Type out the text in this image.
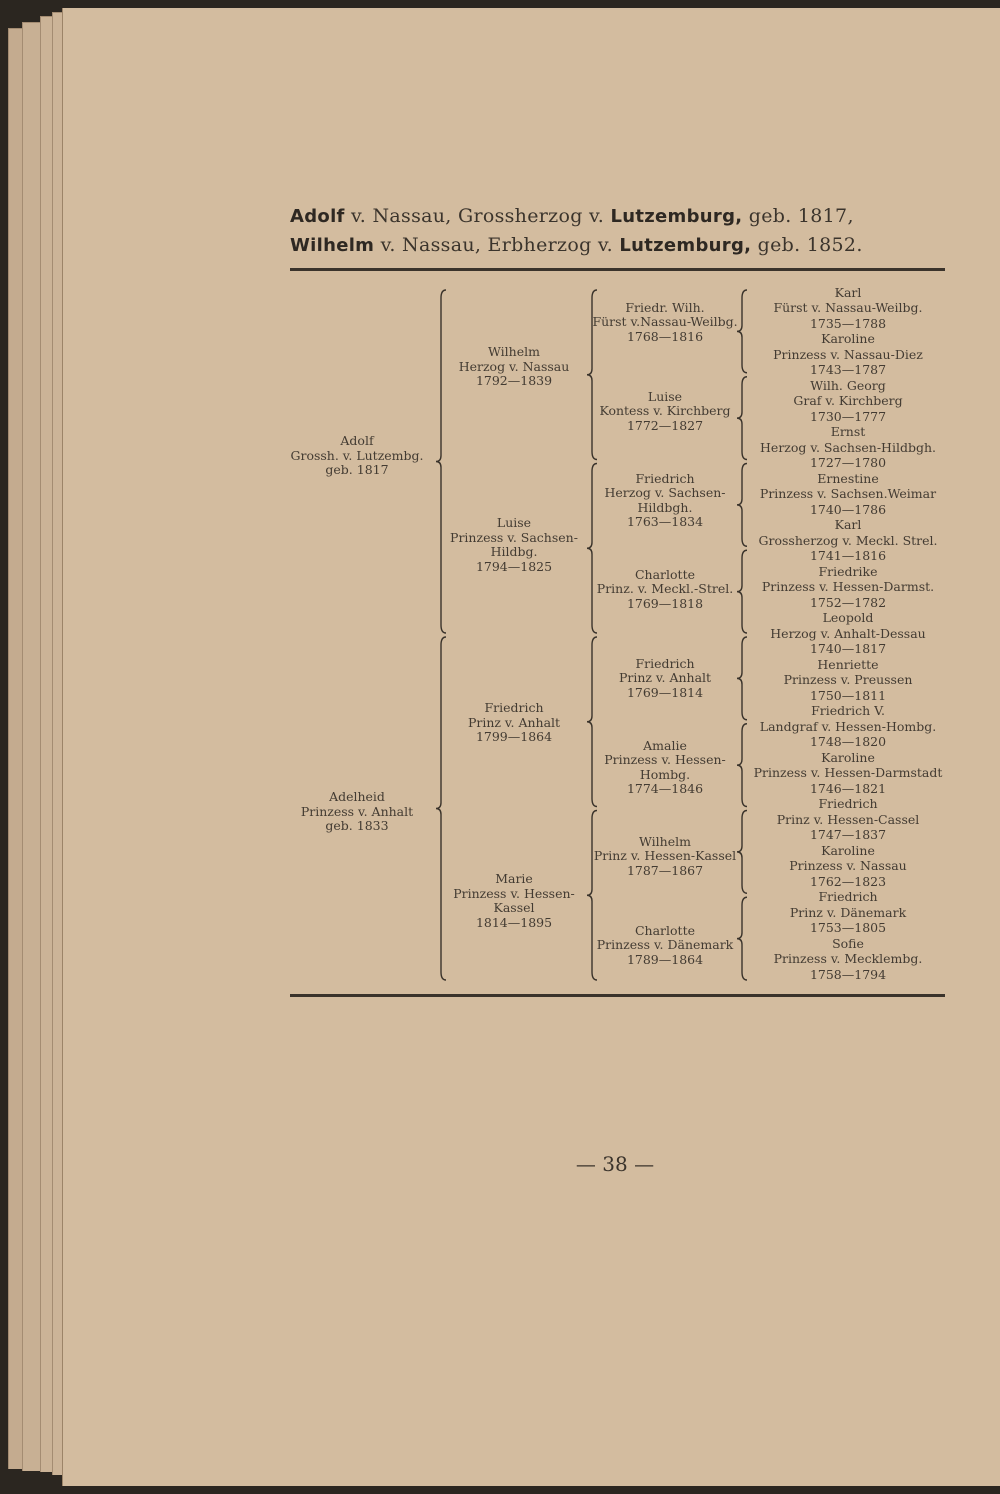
Adolf v. Nassau, Grossherzog v. Lutzemburg, geb. 1817,
Wilhelm v. Nassau, Erbherzog v. Lutzemburg, geb. 1852.
Adolf
Grossh. v. Lutzembg.
geb. 1817
Adelheid
Prinzess v. Anhalt
geb. 1833
Wilhelm
Herzog v. Nassau
1792—1839
Luise
Prinzess v. Sachsen-
Hildbg.
1794—1825
Friedrich
Prinz v. Anhalt
1799—1864
Marie
Prinzess v. Hessen-
Kassel
1814—1895
Friedr. Wilh.
Fürst v.Nassau-Weilbg.
1768—1816
Luise
Kontess v. Kirchberg
1772—1827
Friedrich
Herzog v. Sachsen-
Hildbgh.
1763—1834
Charlotte
Prinz. v. Meckl.-Strel.
1769—1818
Friedrich
Prinz v. Anhalt
1769—1814
Amalie
Prinzess v. Hessen-
Hombg.
1774—1846
Wilhelm
Prinz v. Hessen-Kassel
1787—1867
Charlotte
Prinzess v. Dänemark
1789—1864
Karl
Fürst v. Nassau-Weilbg.
1735—1788
Karoline
Prinzess v. Nassau-Diez
1743—1787
Wilh. Georg
Graf v. Kirchberg
1730—1777
Ernst
Herzog v. Sachsen-Hildbgh.
1727—1780
Ernestine
Prinzess v. Sachsen.Weimar
1740—1786
Karl
Grossherzog v. Meckl. Strel.
1741—1816
Friedrike
Prinzess v. Hessen-Darmst.
1752—1782
Leopold
Herzog v. Anhalt-Dessau
1740—1817
Henriette
Prinzess v. Preussen
1750—1811
Friedrich V.
Landgraf v. Hessen-Hombg.
1748—1820
Karoline
Prinzess v. Hessen-Darmstadt
1746—1821
Friedrich
Prinz v. Hessen-Cassel
1747—1837
Karoline
Prinzess v. Nassau
1762—1823
Friedrich
Prinz v. Dänemark
1753—1805
Sofie
Prinzess v. Mecklembg.
1758—1794
— 38 —
